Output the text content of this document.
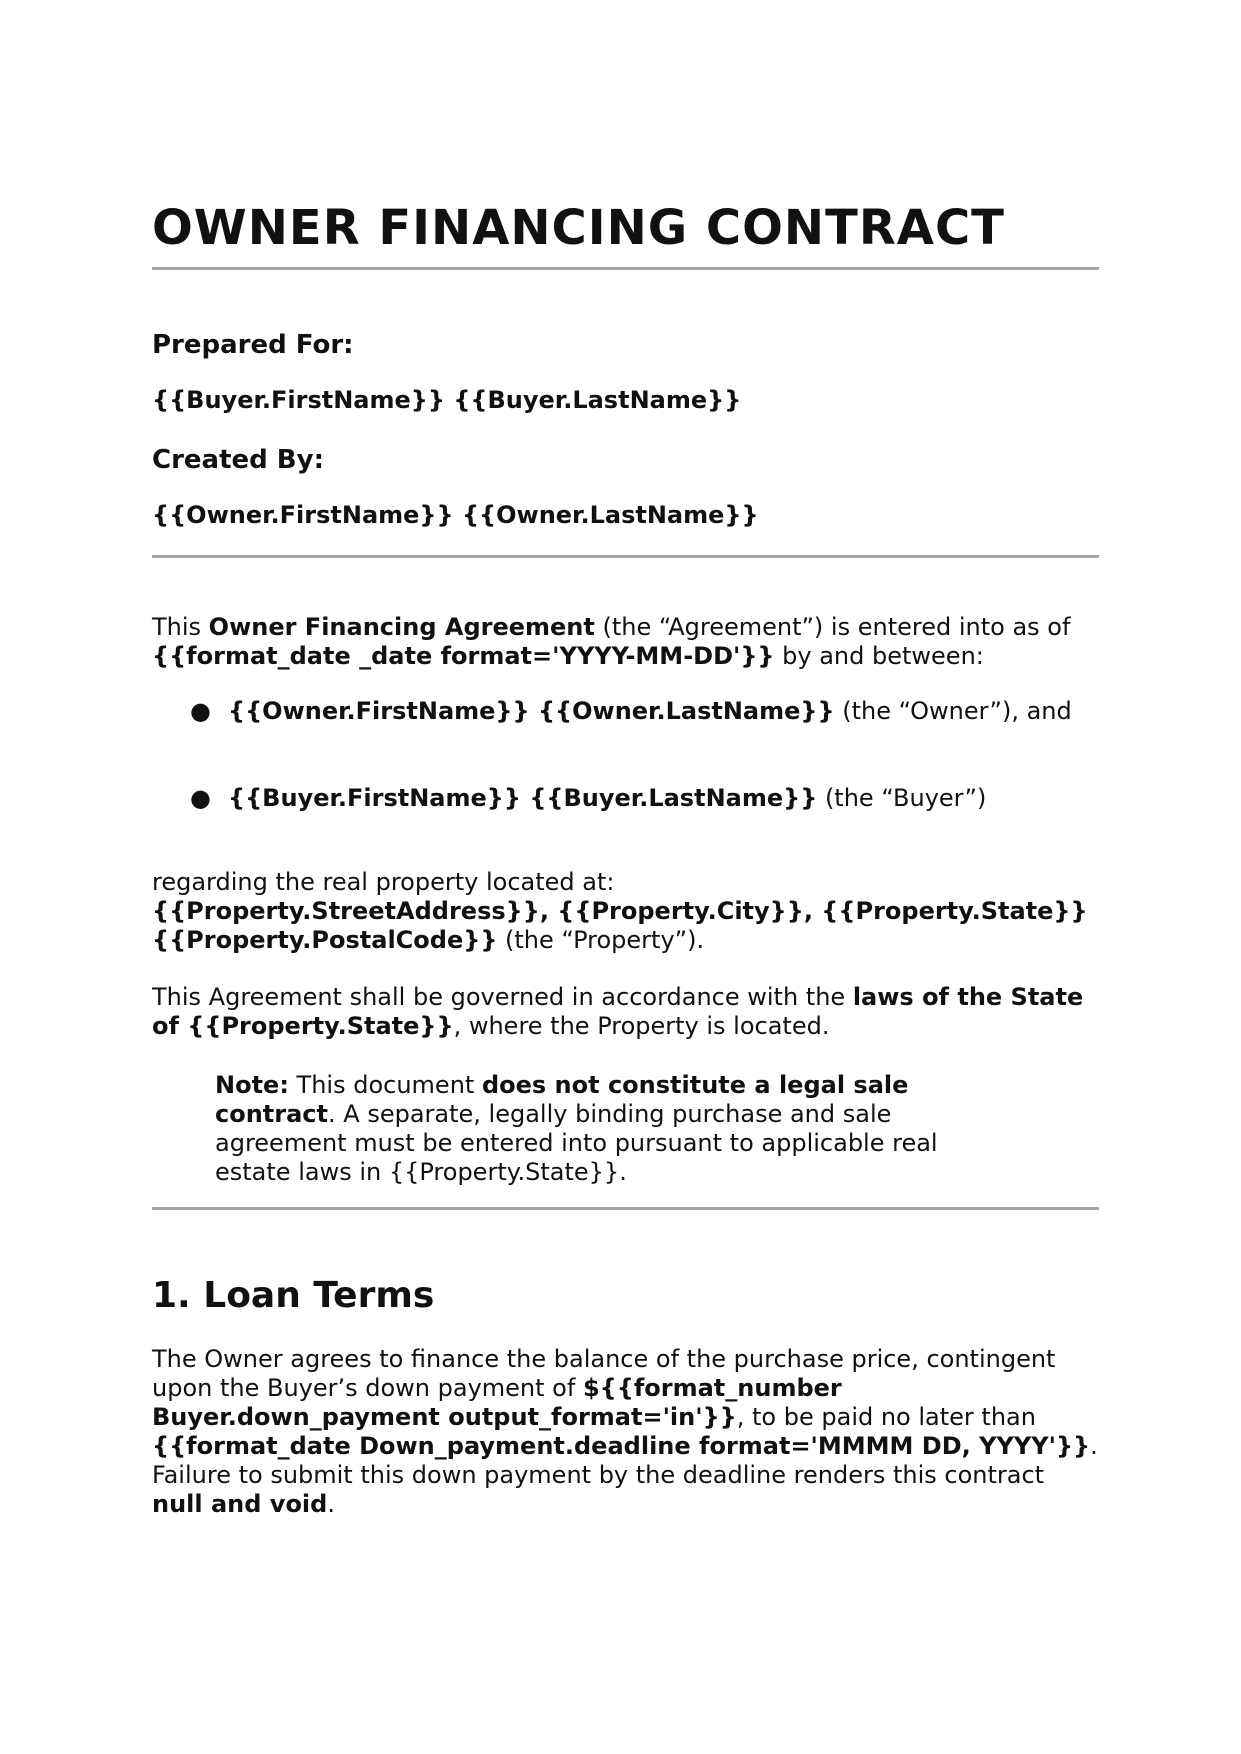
OWNER FINANCING CONTRACT
Prepared For:
{{Buyer.FirstName}} {{Buyer.LastName}}
Created By:
{{Owner.FirstName}} {{Owner.LastName}}

This Owner Financing Agreement (the “Agreement”) is entered into as of {{format_date _date format='YYYY-MM-DD'}} by and between:

● {{Owner.FirstName}} {{Owner.LastName}} (the “Owner”), and

● {{Buyer.FirstName}} {{Buyer.LastName}} (the “Buyer”)

regarding the real property located at:
{{Property.StreetAddress}}, {{Property.City}}, {{Property.State}} {{Property.PostalCode}} (the “Property”).

This Agreement shall be governed in accordance with the laws of the State of {{Property.State}}, where the Property is located.

Note: This document does not constitute a legal sale contract. A separate, legally binding purchase and sale agreement must be entered into pursuant to applicable real estate laws in {{Property.State}}.

1. Loan Terms

The Owner agrees to finance the balance of the purchase price, contingent upon the Buyer’s down payment of ${{format_number Buyer.down_payment output_format='in'}}, to be paid no later than {{format_date Down_payment.deadline format='MMMM DD, YYYY'}}.
Failure to submit this down payment by the deadline renders this contract null and void.
